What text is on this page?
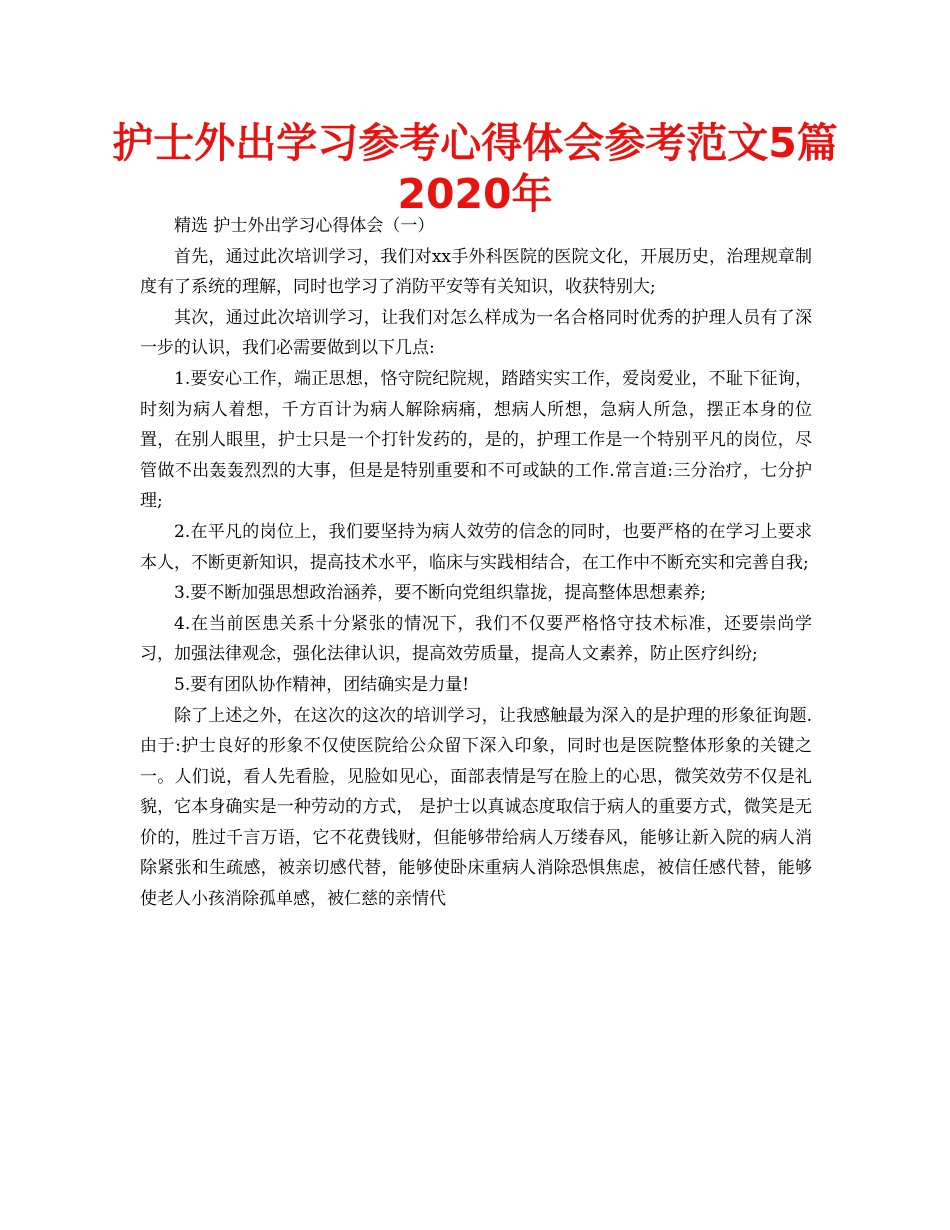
护士外出学习参考心得体会参考范文5篇
2020年

精选 护士外出学习心得体会（一）

首先，通过此次培训学习，我们对xx手外科医院的医院文化，开展历史，治理规章制度有了系统的理解，同时也学习了消防平安等有关知识，收获特别大;

其次，通过此次培训学习，让我们对怎么样成为一名合格同时优秀的护理人员有了深一步的认识，我们必需要做到以下几点:

1.要安心工作，端正思想，恪守院纪院规，踏踏实实工作，爱岗爱业，不耻下征询，时刻为病人着想，千方百计为病人解除病痛，想病人所想，急病人所急，摆正本身的位置，在别人眼里，护士只是一个打针发药的，是的，护理工作是一个特别平凡的岗位，尽管做不出轰轰烈烈的大事，但是是特别重要和不可或缺的工作.常言道:三分治疗，七分护理;

2.在平凡的岗位上，我们要坚持为病人效劳的信念的同时，也要严格的在学习上要求本人，不断更新知识，提高技术水平，临床与实践相结合，在工作中不断充实和完善自我;

3.要不断加强思想政治涵养，要不断向党组织靠拢，提高整体思想素养;

4.在当前医患关系十分紧张的情况下，我们不仅要严格恪守技术标准，还要崇尚学习，加强法律观念，强化法律认识，提高效劳质量，提高人文素养，防止医疗纠纷;

5.要有团队协作精神，团结确实是力量!

除了上述之外，在这次的这次的培训学习，让我感触最为深入的是护理的形象征询题.由于:护士良好的形象不仅使医院给公众留下深入印象，同时也是医院整体形象的关键之一。人们说，看人先看脸，见脸如见心，面部表情是写在脸上的心思，微笑效劳不仅是礼貌，它本身确实是一种劳动的方式， 是护士以真诚态度取信于病人的重要方式，微笑是无价的，胜过千言万语，它不花费钱财，但能够带给病人万缕春风，能够让新入院的病人消除紧张和生疏感，被亲切感代替，能够使卧床重病人消除恐惧焦虑，被信任感代替，能够使老人小孩消除孤单感，被仁慈的亲情代
